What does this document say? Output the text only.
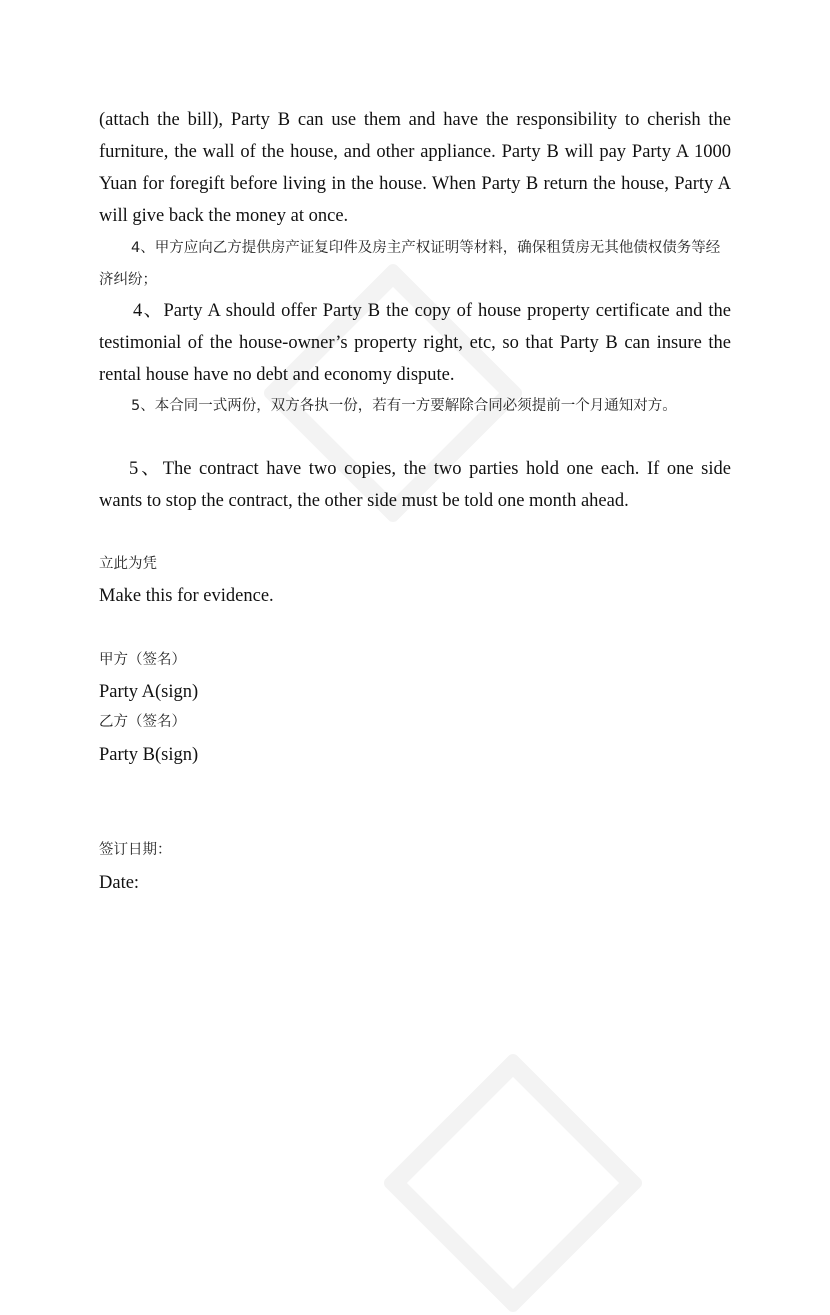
(attach the bill), Party B can use them and have the responsibility to cherish the furniture, the wall of the house, and other appliance. Party B will pay Party A 1000 Yuan for foregift before living in the house. When Party B return the house, Party A will give back the money at once.
4、甲方应向乙方提供房产证复印件及房主产权证明等材料，确保租赁房无其他债权债务等经济纠纷；
4、Party A should offer Party B the copy of house property certificate and the testimonial of the house-owner’s property right, etc, so that Party B can insure the rental house have no debt and economy dispute.
5、本合同一式两份，双方各执一份，若有一方要解除合同必须提前一个月通知对方。
5、The contract have two copies, the two parties hold one each. If one side wants to stop the contract, the other side must be told one month ahead.
立此为凭
Make this for evidence.
甲方（签名）
Party A(sign)
乙方（签名）
Party B(sign)
签订日期：
Date:
